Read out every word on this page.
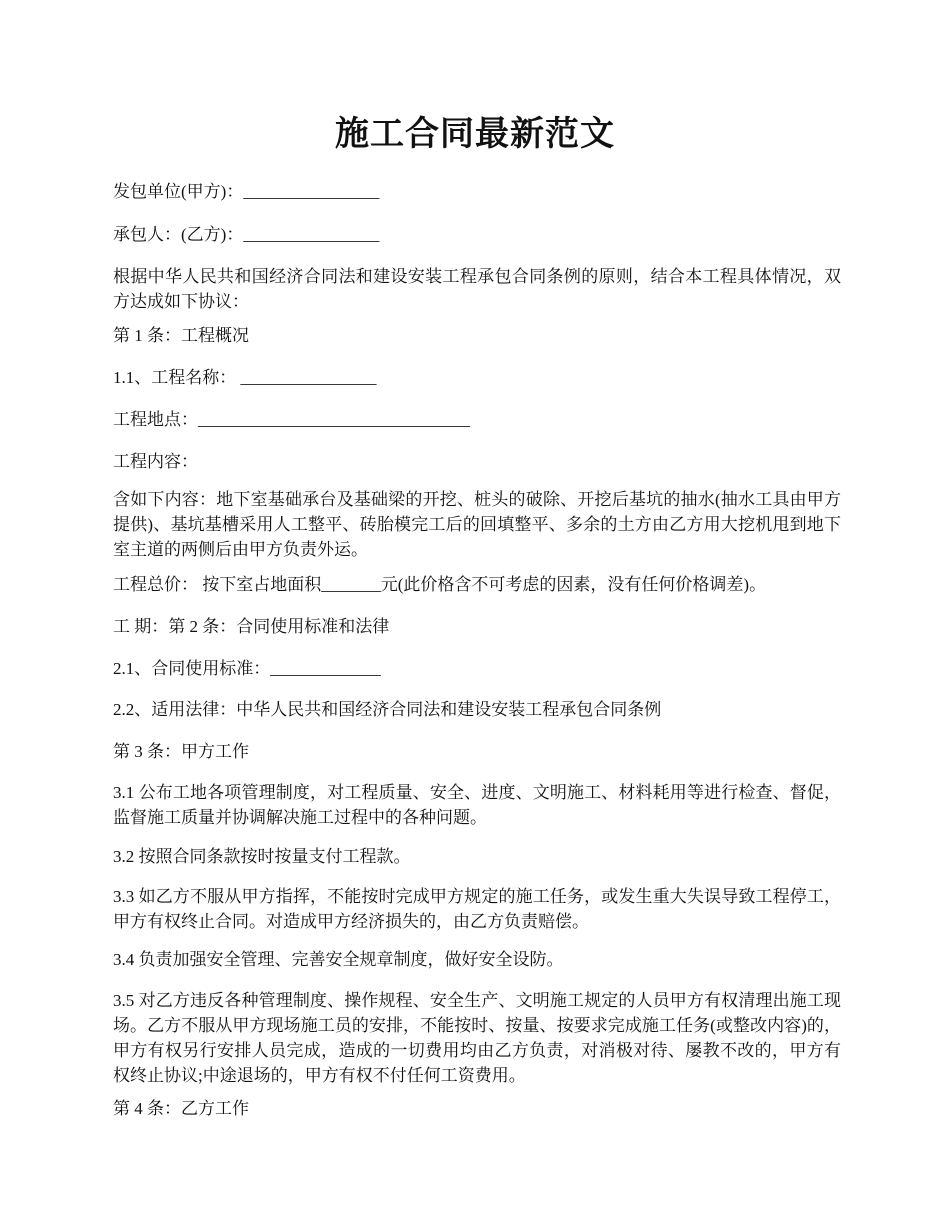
施工合同最新范文

发包单位(甲方)：________________

承包人：(乙方)：________________

根据中华人民共和国经济合同法和建设安装工程承包合同条例的原则，结合本工程具体情况，双方达成如下协议：

第 1 条：工程概况

1.1、工程名称： ________________

工程地点：________________________________

工程内容：

含如下内容：地下室基础承台及基础梁的开挖、桩头的破除、开挖后基坑的抽水(抽水工具由甲方提供)、基坑基槽采用人工整平、砖胎模完工后的回填整平、多余的土方由乙方用大挖机甩到地下室主道的两侧后由甲方负责外运。

工程总价： 按下室占地面积_______元(此价格含不可考虑的因素，没有任何价格调差)。

工 期：第 2 条：合同使用标准和法律

2.1、合同使用标准：_____________

2.2、适用法律：中华人民共和国经济合同法和建设安装工程承包合同条例

第 3 条：甲方工作

3.1 公布工地各项管理制度，对工程质量、安全、进度、文明施工、材料耗用等进行检查、督促，监督施工质量并协调解决施工过程中的各种问题。

3.2 按照合同条款按时按量支付工程款。

3.3 如乙方不服从甲方指挥，不能按时完成甲方规定的施工任务，或发生重大失误导致工程停工，甲方有权终止合同。对造成甲方经济损失的，由乙方负责赔偿。

3.4 负责加强安全管理、完善安全规章制度，做好安全设防。

3.5 对乙方违反各种管理制度、操作规程、安全生产、文明施工规定的人员甲方有权清理出施工现场。乙方不服从甲方现场施工员的安排，不能按时、按量、按要求完成施工任务(或整改内容)的，甲方有权另行安排人员完成，造成的一切费用均由乙方负责，对消极对待、屡教不改的，甲方有权终止协议;中途退场的，甲方有权不付任何工资费用。

第 4 条：乙方工作
